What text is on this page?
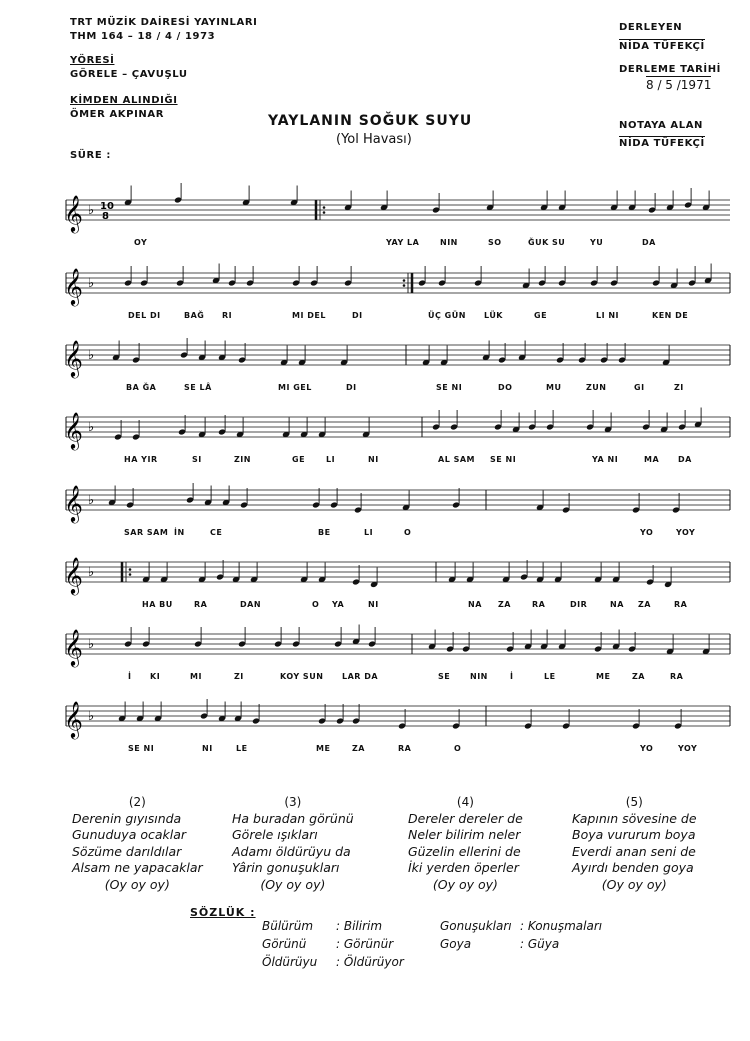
TRT MÜZİK DAİRESİ YAYINLARI
THM 164 – 18 / 4 / 1973
YÖRESİ
GÖRELE – ÇAVUŞLU
KİMDEN ALINDIĞI
ÖMER AKPINAR
SÜRE :
DERLEYEN
NİDA TÜFEKÇİ
DERLEME TARİHİ
8 / 5 /1971
NOTAYA ALAN
NİDA TÜFEKÇİ
YAYLANIN SOĞUK SUYU
(Yol Havası)
𝄞 ♭ 10
8
OY	YAY LA	NIN	SO	ĞUK SU	YU	DA
𝄞 ♭
DEL DI	BAĞ RI	MI DEL	DI	ÜÇ GÜN LÜK	GE	LI NI	KEN DE
𝄞 ♭
BA ĞA	SE LÂ	MI GEL	DI	SE NI	DO	MU	ZUN	GI	ZI
𝄞 ♭
HA YIR	SI	ZIN	GE	LI	NI	AL SAM SE NI	YA NI	MA DA
𝄞 ♭
SAR SAM İN	CE	BE	LI	O	YO	YOY
𝄞 ♭
HA BU	RA	DAN	O YA	NI	NA ZA	RA	DIR	NA ZA	RA
𝄞 ♭
İ KI	MI	ZI	KOY SUN LAR DA	SE NIN	İ	LE	ME	ZA	RA
𝄞 ♭
SE NI	NI	LE	ME	ZA	RA	O	YO	YOY
(2)
Derenin gıyısında
Gunuduya ocaklar
Sözüme darıldılar
Alsam ne yapacaklar
(Oy oy oy)
(3)
Ha buradan görünü
Görele ışıkları
Adamı öldürüyu da
Yârin gonuşukları
(Oy oy oy)
(4)
Dereler dereler de
Neler bilirim neler
Güzelin ellerini de
İki yerden öperler
(Oy oy oy)
(5)
Kapının sövesine de
Boya vururum boya
Everdi anan seni de
Ayırdı benden goya
(Oy oy oy)
SÖZLÜK :
Bülürüm : Bilirim
Görünü : Görünür
Öldürüyu : Öldürüyor
Gonuşukları : Konuşmaları
Goya	: Güya
